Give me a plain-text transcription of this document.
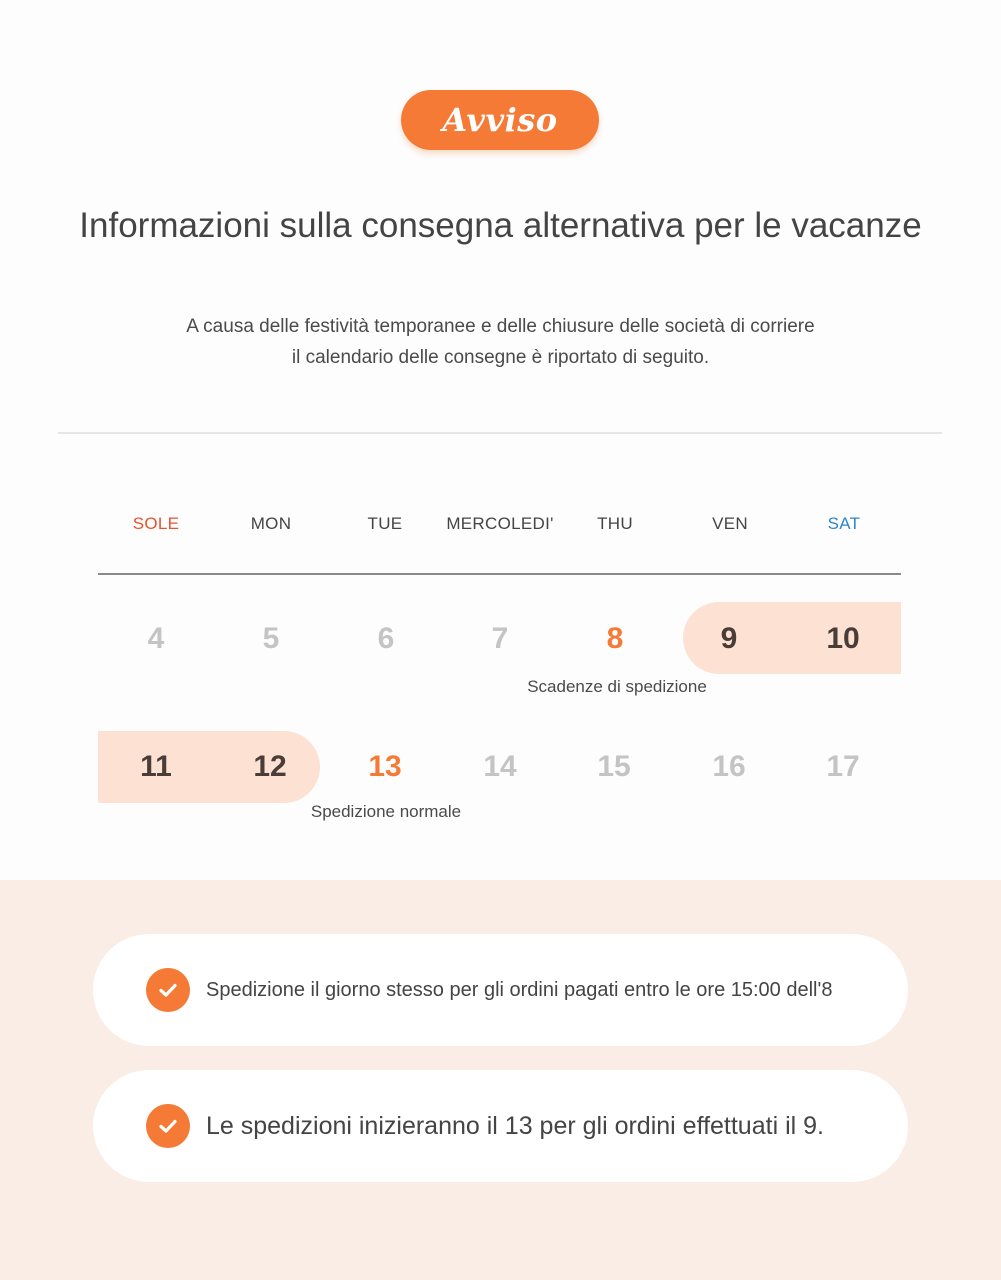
Avviso
Informazioni sulla consegna alternativa per le vacanze
A causa delle festività temporanee e delle chiusure delle società di corriere
il calendario delle consegne è riportato di seguito.
SOLE	MON	TUE	MERCOLEDI'	THU	VEN	SAT
4	5	6	7	8	9	10
Scadenze di spedizione
11	12	13	14	15	16	17
Spedizione normale
Spedizione il giorno stesso per gli ordini pagati entro le ore 15:00 dell'8
Le spedizioni inizieranno il 13 per gli ordini effettuati il 9.
